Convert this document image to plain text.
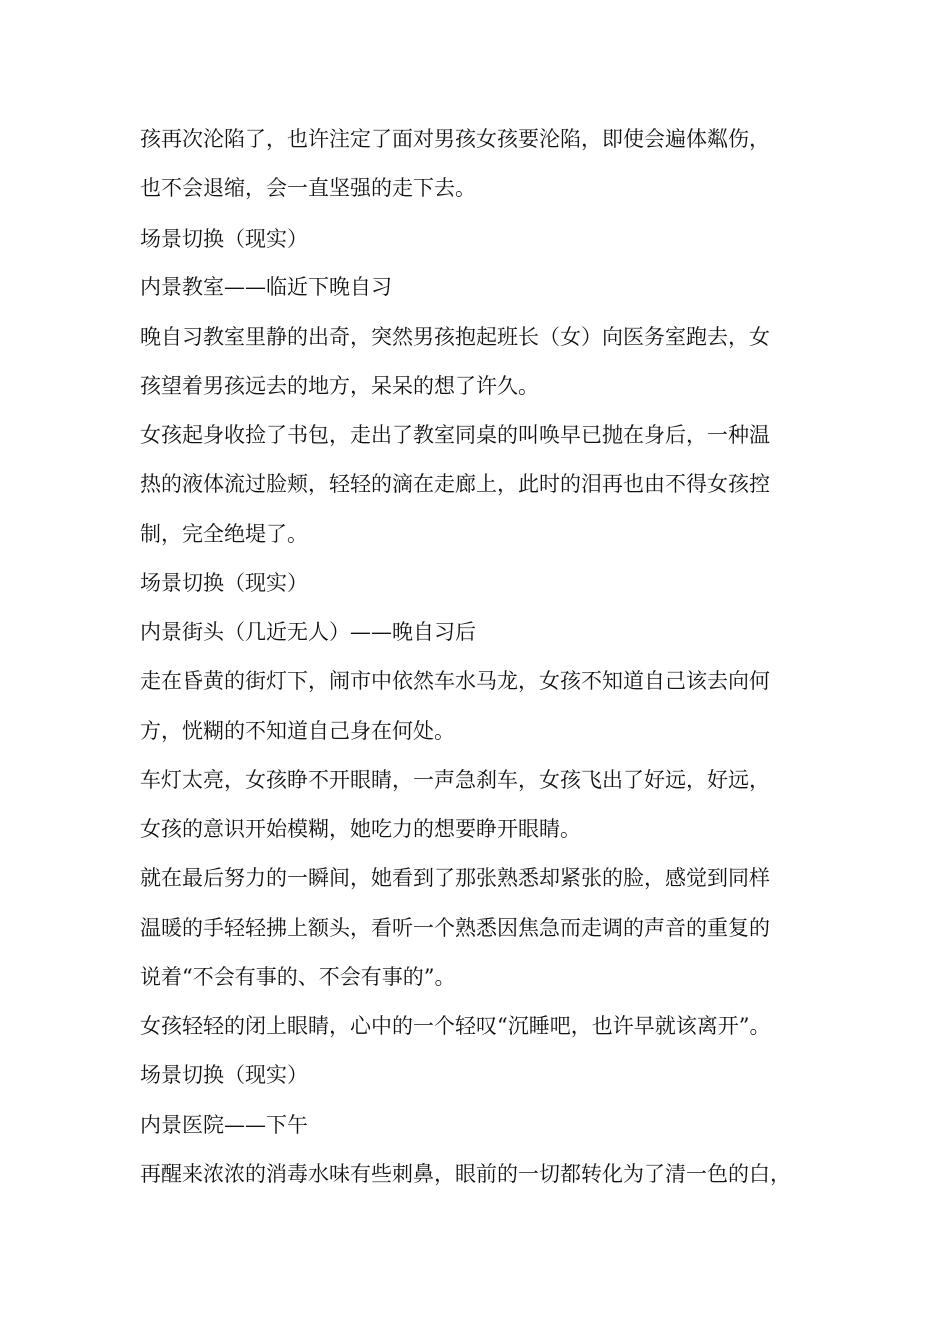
孩再次沦陷了，也许注定了面对男孩女孩要沦陷，即使会遍体粼伤，
也不会退缩，会一直坚强的走下去。
场景切换（现实）
内景教室——临近下晚自习
晚自习教室里静的出奇，突然男孩抱起班长（女）向医务室跑去，女
孩望着男孩远去的地方，呆呆的想了许久。
女孩起身收捡了书包，走出了教室同桌的叫唤早已抛在身后，一种温
热的液体流过脸颊，轻轻的滴在走廊上，此时的泪再也由不得女孩控
制，完全绝堤了。
场景切换（现实）
内景街头（几近无人）——晚自习后
走在昏黄的街灯下，闹市中依然车水马龙，女孩不知道自己该去向何
方，恍糊的不知道自己身在何处。
车灯太亮，女孩睁不开眼睛，一声急刹车，女孩飞出了好远，好远，
女孩的意识开始模糊，她吃力的想要睁开眼睛。
就在最后努力的一瞬间，她看到了那张熟悉却紧张的脸，感觉到同样
温暖的手轻轻拂上额头，看听一个熟悉因焦急而走调的声音的重复的
说着“不会有事的、不会有事的”。
女孩轻轻的闭上眼睛，心中的一个轻叹“沉睡吧，也许早就该离开”。
场景切换（现实）
内景医院——下午
再醒来浓浓的消毒水味有些刺鼻，眼前的一切都转化为了清一色的白，
